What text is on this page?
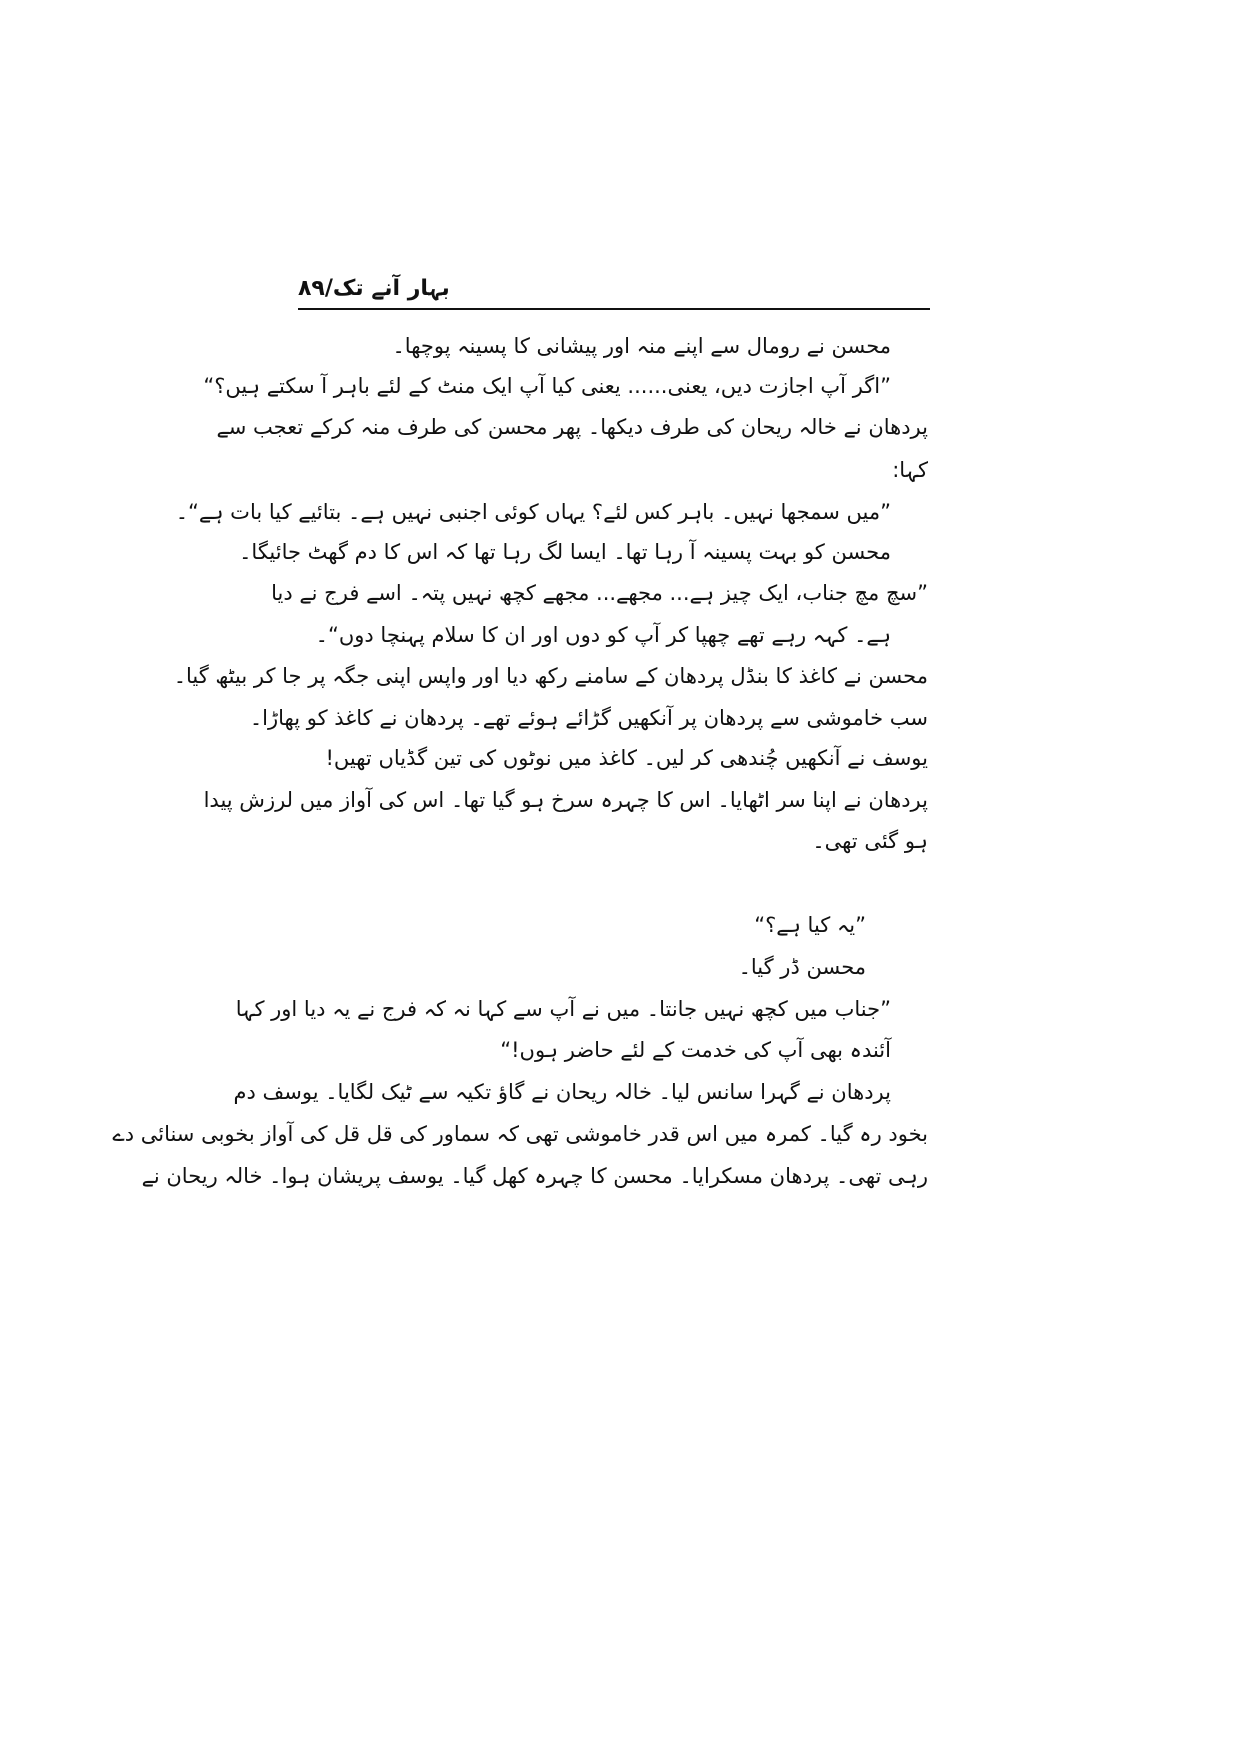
بہار آنے تک/۸۹
محسن نے رومال سے اپنے منہ اور پیشانی کا پسینہ پوچھا۔
”اگر آپ اجازت دیں، یعنی...... یعنی کیا آپ ایک منٹ کے لئے باہر آ سکتے ہیں؟“
پردھان نے خالہ ریحان کی طرف دیکھا۔ پھر محسن کی طرف منہ کرکے تعجب سے
کہا:
”میں سمجھا نہیں۔ باہر کس لئے؟ یہاں کوئی اجنبی نہیں ہے۔ بتائیے کیا بات ہے“۔
محسن کو بہت پسینہ آ رہا تھا۔ ایسا لگ رہا تھا کہ اس کا دم گھٹ جائیگا۔
”سچ مچ جناب، ایک چیز ہے... مجھے... مجھے کچھ نہیں پتہ۔ اسے فرج نے دیا
ہے۔ کہہ رہے تھے چھپا کر آپ کو دوں اور ان کا سلام پہنچا دوں“۔
محسن نے کاغذ کا بنڈل پردھان کے سامنے رکھ دیا اور واپس اپنی جگہ پر جا کر بیٹھ گیا۔
سب خاموشی سے پردھان پر آنکھیں گڑائے ہوئے تھے۔ پردھان نے کاغذ کو پھاڑا۔
یوسف نے آنکھیں چُندھی کر لیں۔ کاغذ میں نوٹوں کی تین گڈیاں تھیں!
پردھان نے اپنا سر اٹھایا۔ اس کا چہرہ سرخ ہو گیا تھا۔ اس کی آواز میں لرزش پیدا
ہو گئی تھی۔
”یہ کیا ہے؟“
محسن ڈر گیا۔
”جناب میں کچھ نہیں جانتا۔ میں نے آپ سے کہا نہ کہ فرج نے یہ دیا اور کہا
آئندہ بھی آپ کی خدمت کے لئے حاضر ہوں!“
پردھان نے گہرا سانس لیا۔ خالہ ریحان نے گاؤ تکیہ سے ٹیک لگایا۔ یوسف دم
بخود رہ گیا۔ کمرہ میں اس قدر خاموشی تھی کہ سماور کی قل قل کی آواز بخوبی سنائی دے
رہی تھی۔ پردھان مسکرایا۔ محسن کا چہرہ کھل گیا۔ یوسف پریشان ہوا۔ خالہ ریحان نے
